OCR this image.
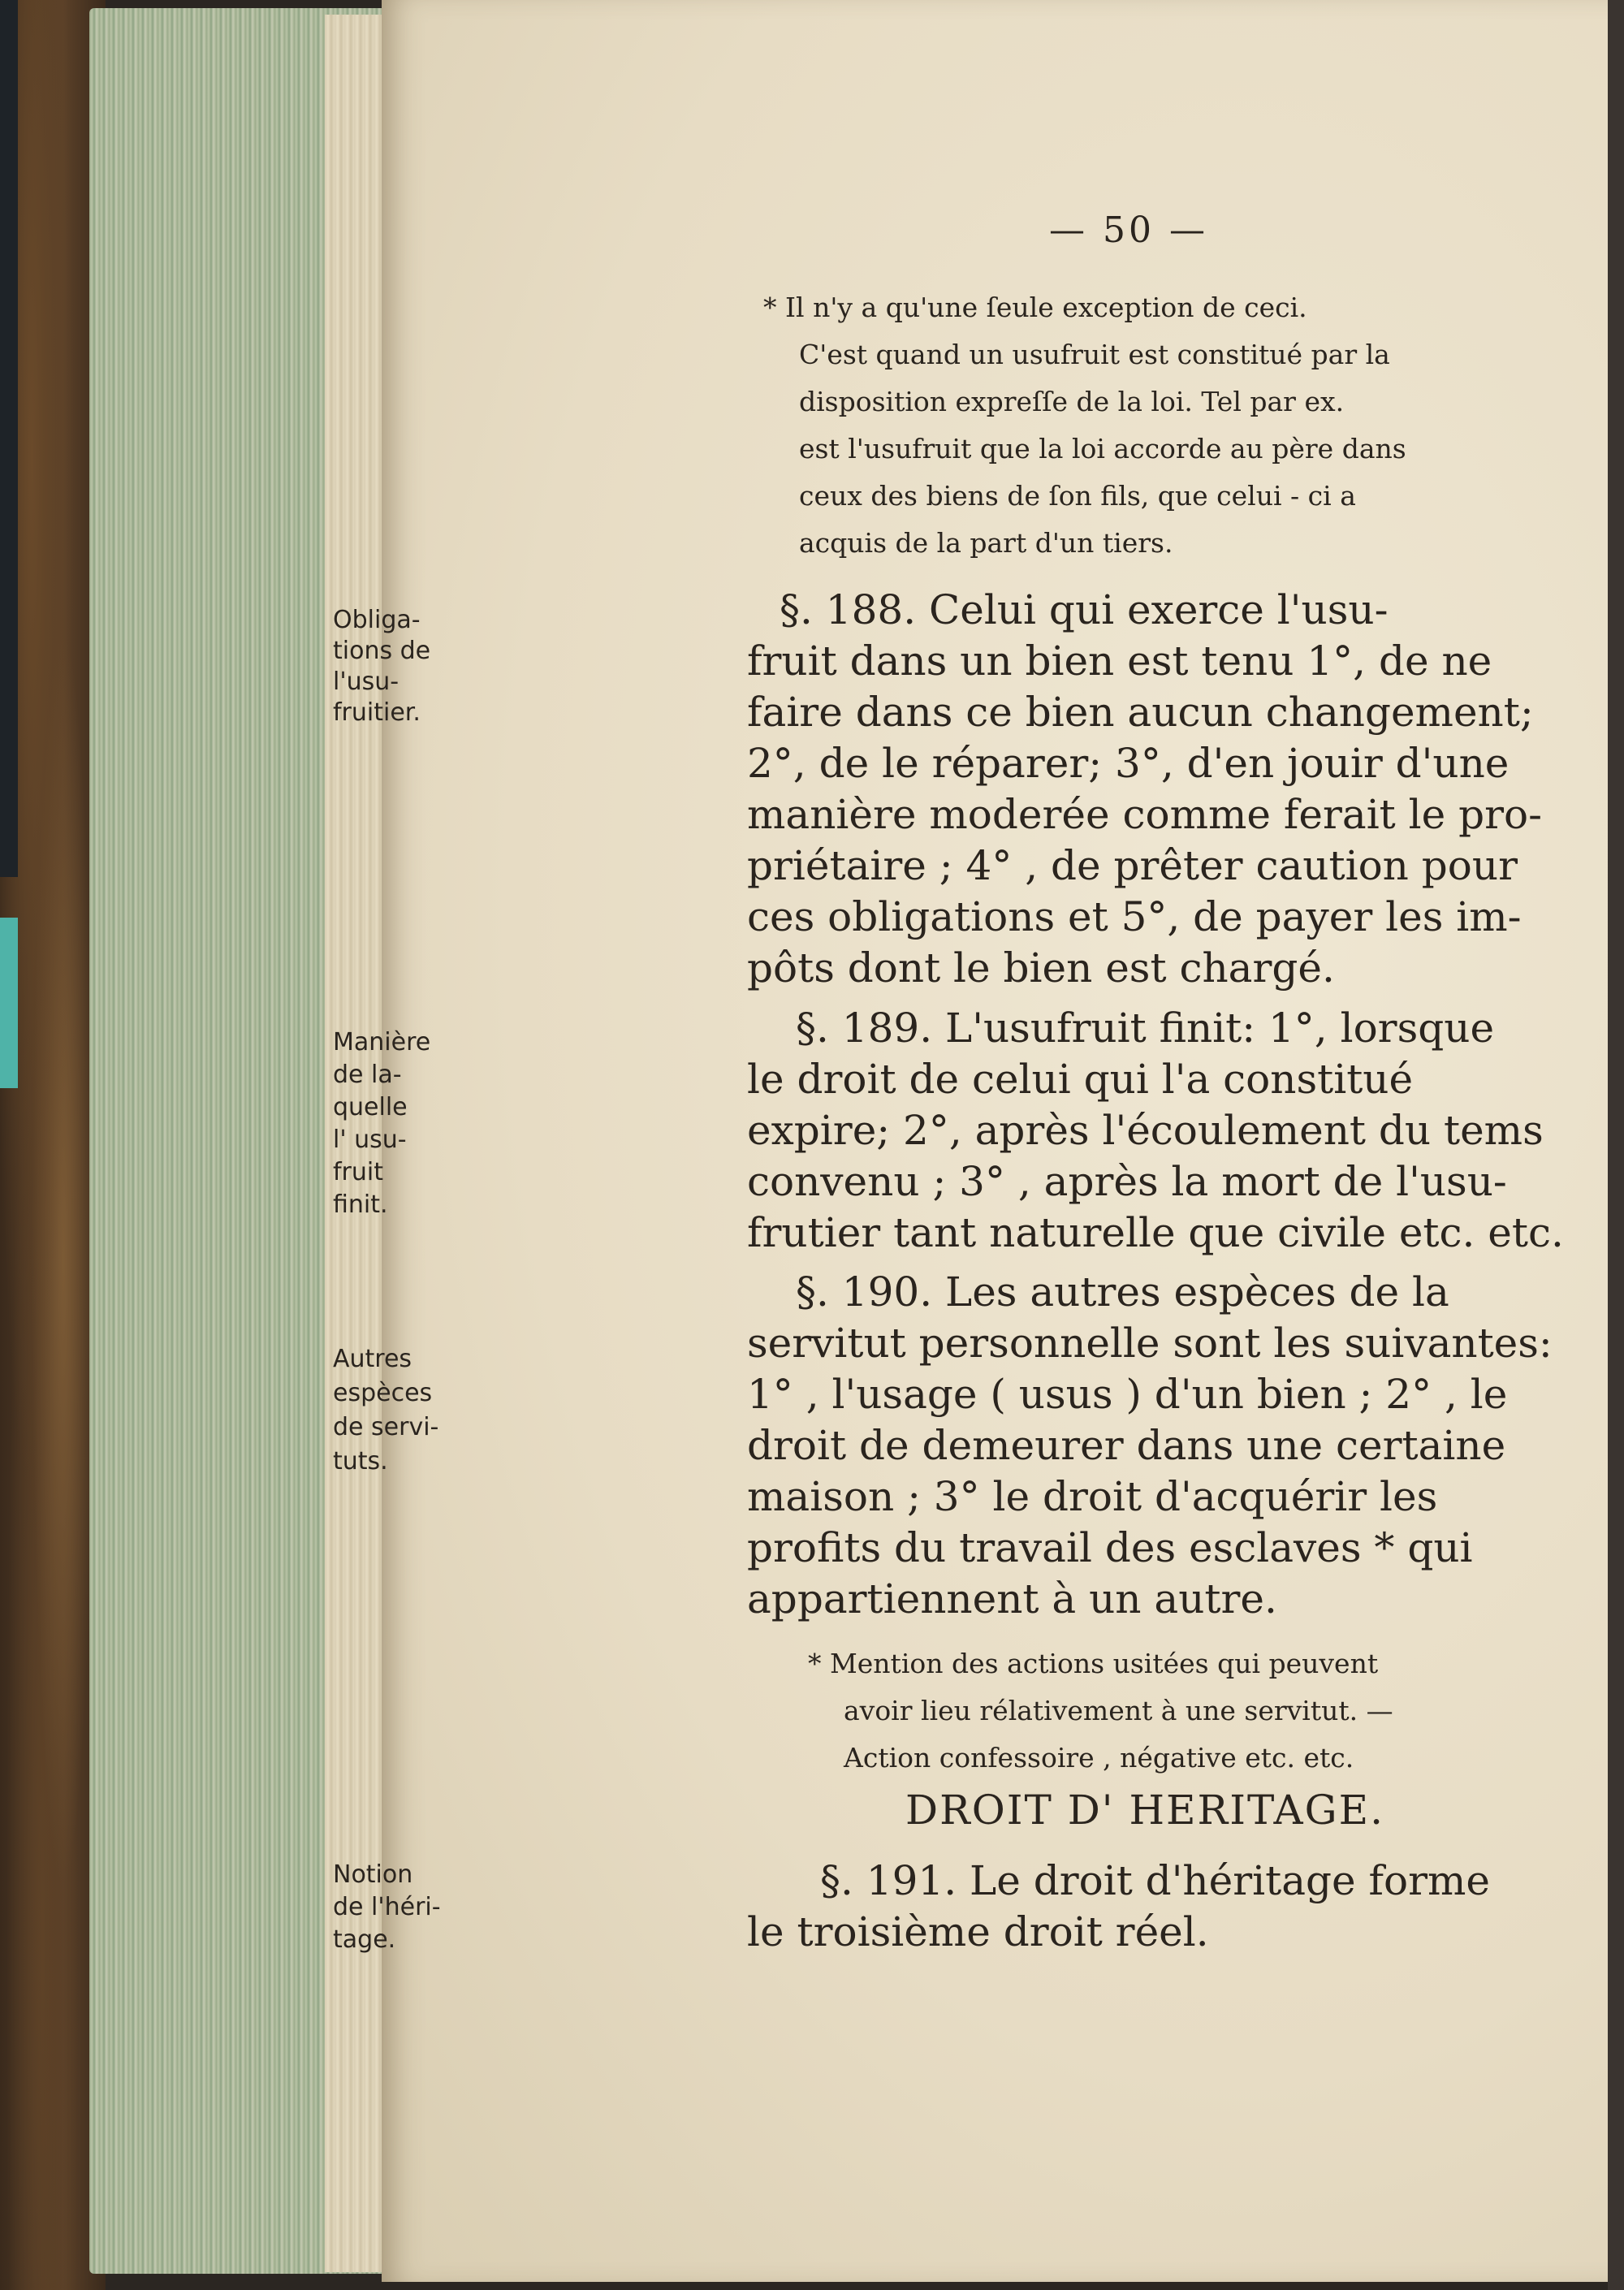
— 50 —
* Il n'y a qu'une ſeule exception de ceci.
C'est quand un usufruit est constitué par la
disposition expreſſe de la loi. Tel par ex.
est l'usufruit que la loi accorde au père dans
ceux des biens de ſon fils, que celui - ci a
acquis de la part d'un tiers.
Obliga-
tions de
l'usu-
fruitier.
Manière
de la-
quelle
l' usu-
fruit
finit.
Autres
espèces
de servi-
tuts.
Notion
de l'héri-
tage.
§. 188. Celui qui exerce l'usu-
fruit dans un bien est tenu 1°, de ne
faire dans ce bien aucun changement;
2°, de le réparer; 3°, d'en jouir d'une
manière moderée comme ferait le pro-
priétaire ; 4° , de prêter caution pour
ces obligations et 5°, de payer les im-
pôts dont le bien est chargé.
§. 189. L'usufruit finit: 1°, lorsque
le droit de celui qui l'a constitué
expire; 2°, après l'écoulement du tems
convenu ; 3° , après la mort de l'usu-
frutier tant naturelle que civile etc. etc.
§. 190. Les autres espèces de la
servitut personnelle sont les suivantes:
1° , l'usage ( usus ) d'un bien ; 2° , le
droit de demeurer dans une certaine
maison ; 3° le droit d'acquérir les
profits du travail des esclaves * qui
appartiennent à un autre.
* Mention des actions usitées qui peuvent
avoir lieu rélativement à une servitut. —
Action confessoire , négative etc. etc.
DROIT D' HERITAGE.
§. 191. Le droit d'héritage forme
le troisième droit réel.
